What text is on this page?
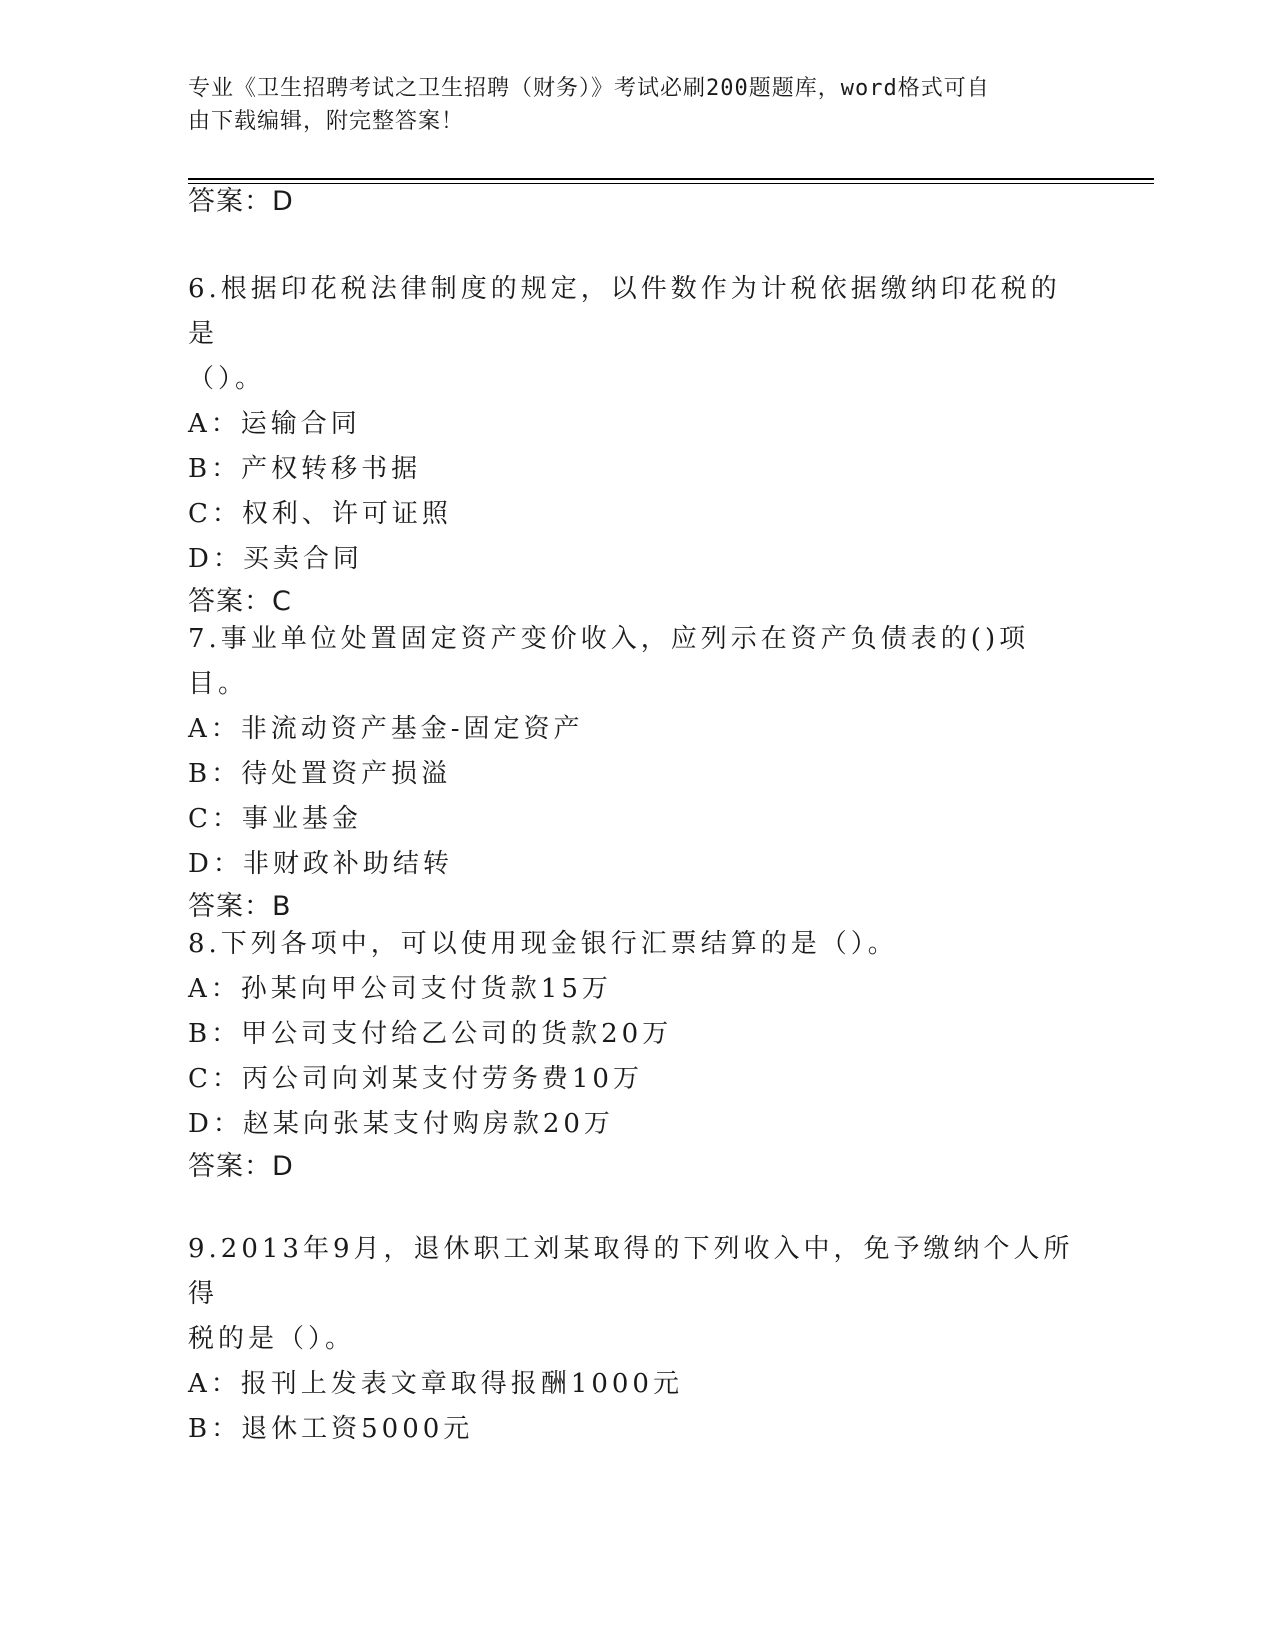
专业《卫生招聘考试之卫生招聘（财务）》考试必刷200题题库，word格式可自
由下载编辑，附完整答案！
答案：D
6.根据印花税法律制度的规定，以件数作为计税依据缴纳印花税的是
（）。
A：运输合同
B：产权转移书据
C：权利、许可证照
D：买卖合同
答案：C
7.事业单位处置固定资产变价收入，应列示在资产负债表的()项目。
A：非流动资产基金-固定资产
B：待处置资产损溢
C：事业基金
D：非财政补助结转
答案：B
8.下列各项中，可以使用现金银行汇票结算的是（）。
A：孙某向甲公司支付货款15万
B：甲公司支付给乙公司的货款20万
C：丙公司向刘某支付劳务费10万
D：赵某向张某支付购房款20万
答案：D
9.2013年9月，退休职工刘某取得的下列收入中，免予缴纳个人所得
税的是（）。
A：报刊上发表文章取得报酬1000元
B：退休工资5000元
